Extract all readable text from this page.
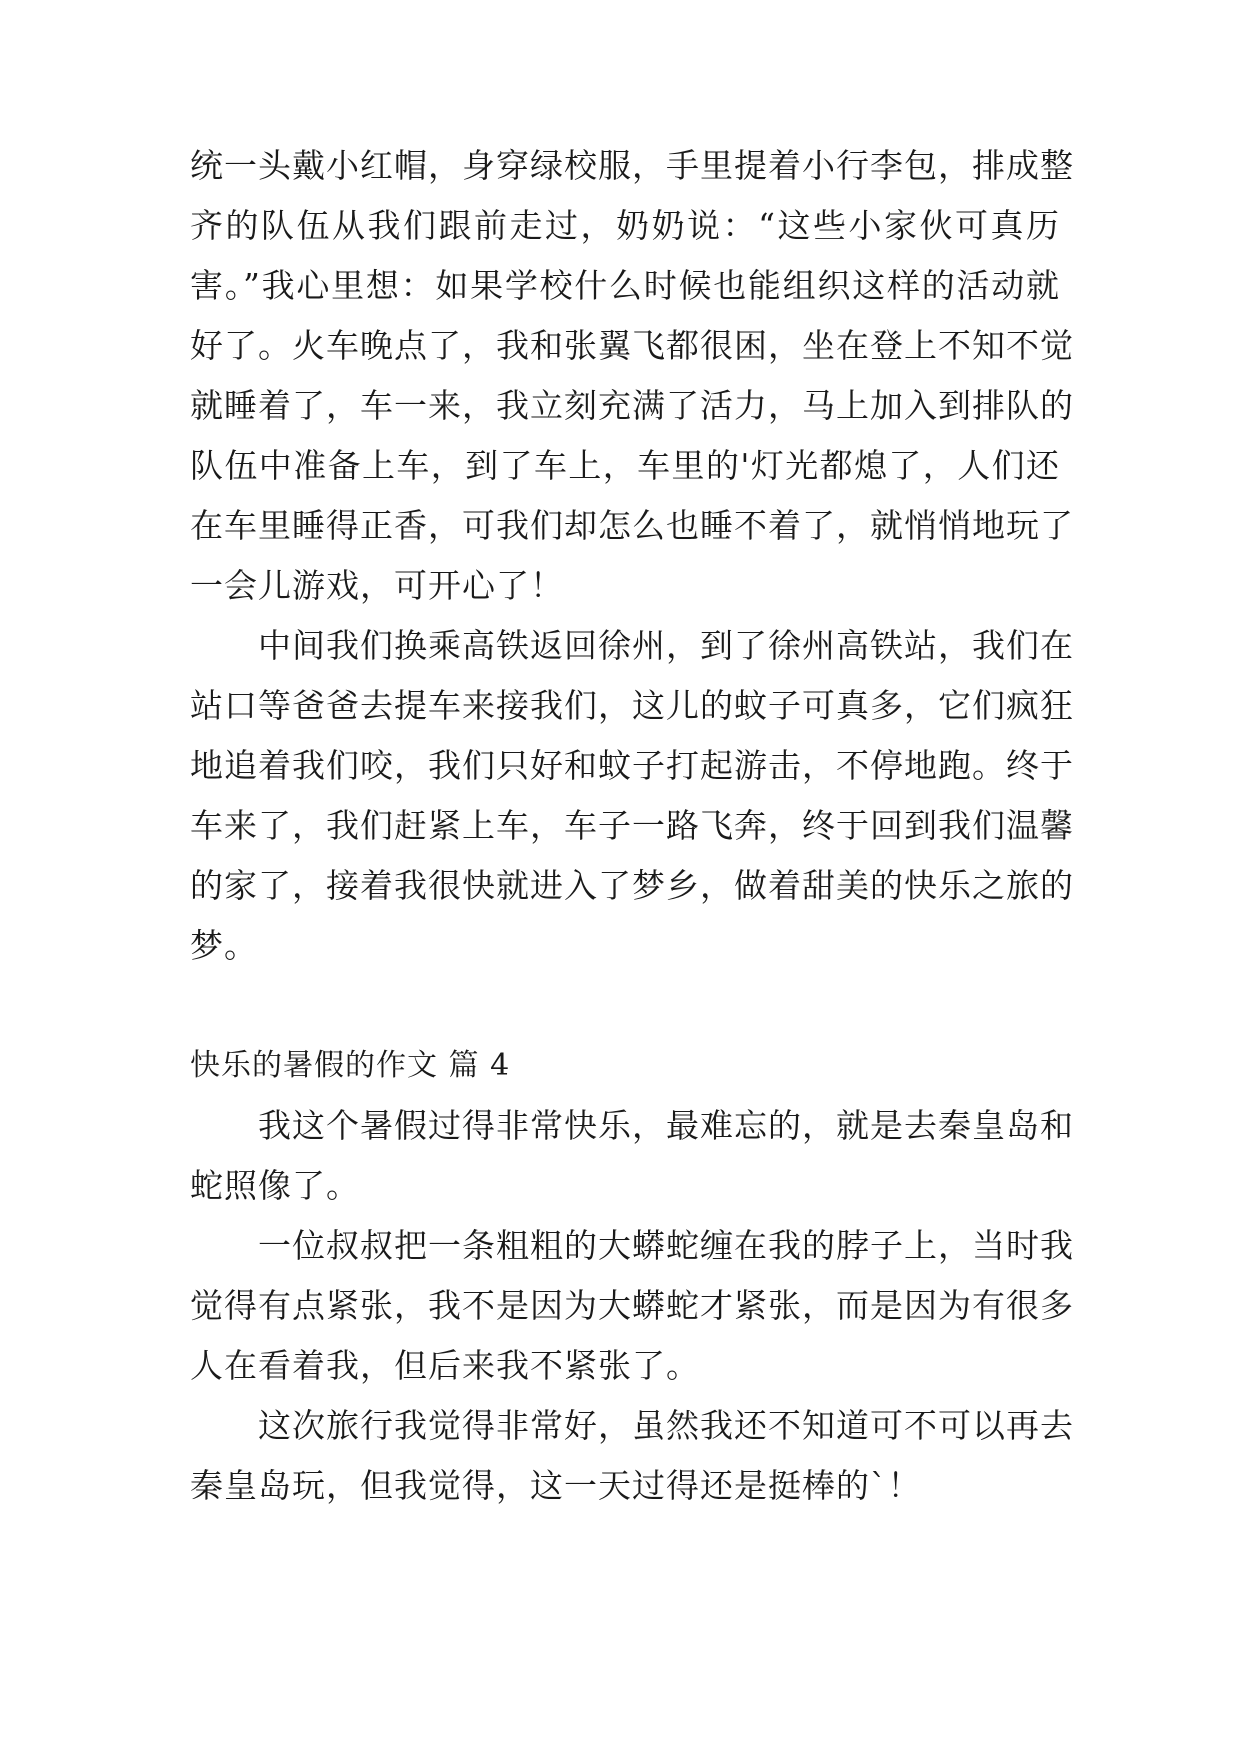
统一头戴小红帽，身穿绿校服，手里提着小行李包，排成整
齐的队伍从我们跟前走过，奶奶说：“这些小家伙可真历
害。”我心里想：如果学校什么时候也能组织这样的活动就
好了。火车晚点了，我和张翼飞都很困，坐在登上不知不觉
就睡着了，车一来，我立刻充满了活力，马上加入到排队的
队伍中准备上车，到了车上，车里的'灯光都熄了，人们还
在车里睡得正香，可我们却怎么也睡不着了，就悄悄地玩了
一会儿游戏，可开心了！
中间我们换乘高铁返回徐州，到了徐州高铁站，我们在
站口等爸爸去提车来接我们，这儿的蚊子可真多，它们疯狂
地追着我们咬，我们只好和蚊子打起游击，不停地跑。终于
车来了，我们赶紧上车，车子一路飞奔，终于回到我们温馨
的家了，接着我很快就进入了梦乡，做着甜美的快乐之旅的
梦。
快乐的暑假的作文 篇 4
我这个暑假过得非常快乐，最难忘的，就是去秦皇岛和
蛇照像了。
一位叔叔把一条粗粗的大蟒蛇缠在我的脖子上，当时我
觉得有点紧张，我不是因为大蟒蛇才紧张，而是因为有很多
人在看着我，但后来我不紧张了。
这次旅行我觉得非常好，虽然我还不知道可不可以再去
秦皇岛玩，但我觉得，这一天过得还是挺棒的`！
